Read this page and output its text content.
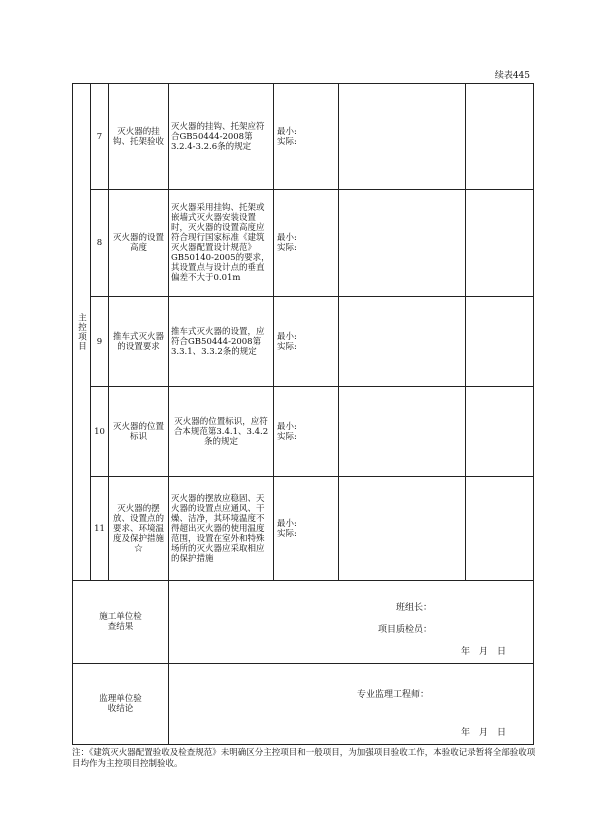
续表445
主控项目	7	灭火器的挂钩、托架验收	灭火器的挂钩、托架应符合GB50444-2008第3.2.4-3.2.6条的规定	最小:
实际:		

	8	灭火器的设置高度	灭火器采用挂钩、托架或嵌墙式灭火器安装设置时，灭火器的设置高度应符合现行国家标准《建筑灭火器配置设计规范》GB50140-2005的要求，其设置点与设计点的垂直偏差不大于0.01m	最小:
实际:		

	9	推车式灭火器的设置要求	推车式灭火器的设置，应符合GB50444-2008第3.3.1、3.3.2条的规定	最小:
实际:		

	10	灭火器的位置标识	灭火器的位置标识，应符合本规范第3.4.1、3.4.2条的规定	最小:
实际:		

	11	灭火器的摆放、设置点的要求、环境温度及保护措施☆	灭火器的摆放应稳固、天火器的设置点应通风、干燥、洁净，其环境温度不得超出灭火器的使用温度范围，设置在室外和特殊场所的灭火器应采取相应的保护措施	最小:
实际:		

施工单位检查结果			班组长：
项目质检员：
年　月　日			

监理单位验收结论			专业监理工程师：
年　月　日			
注：《建筑灭火器配置验收及检查规范》未明确区分主控项目和一般项目，为加强项目验收工作，本验收记录暂将全部验收项目均作为主控项目控制验收。
